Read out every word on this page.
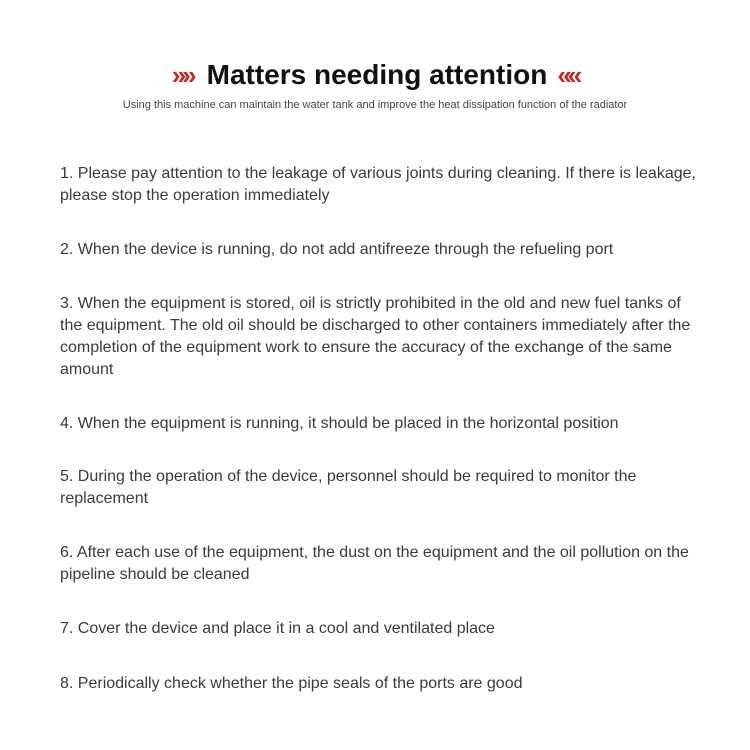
»» Matters needing attention ««
Using this machine can maintain the water tank and improve the heat dissipation function of the radiator
1. Please pay attention to the leakage of various joints during cleaning. If there is leakage, please stop the operation immediately
2. When the device is running, do not add antifreeze through the refueling port
3. When the equipment is stored, oil is strictly prohibited in the old and new fuel tanks of the equipment. The old oil should be discharged to other containers immediately after the completion of the equipment work to ensure the accuracy of the exchange of the same amount
4. When the equipment is running, it should be placed in the horizontal position
5. During the operation of the device, personnel should be required to monitor the replacement
6. After each use of the equipment, the dust on the equipment and the oil pollution on the pipeline should be cleaned
7. Cover the device and place it in a cool and ventilated place
8. Periodically check whether the pipe seals of the ports are good
